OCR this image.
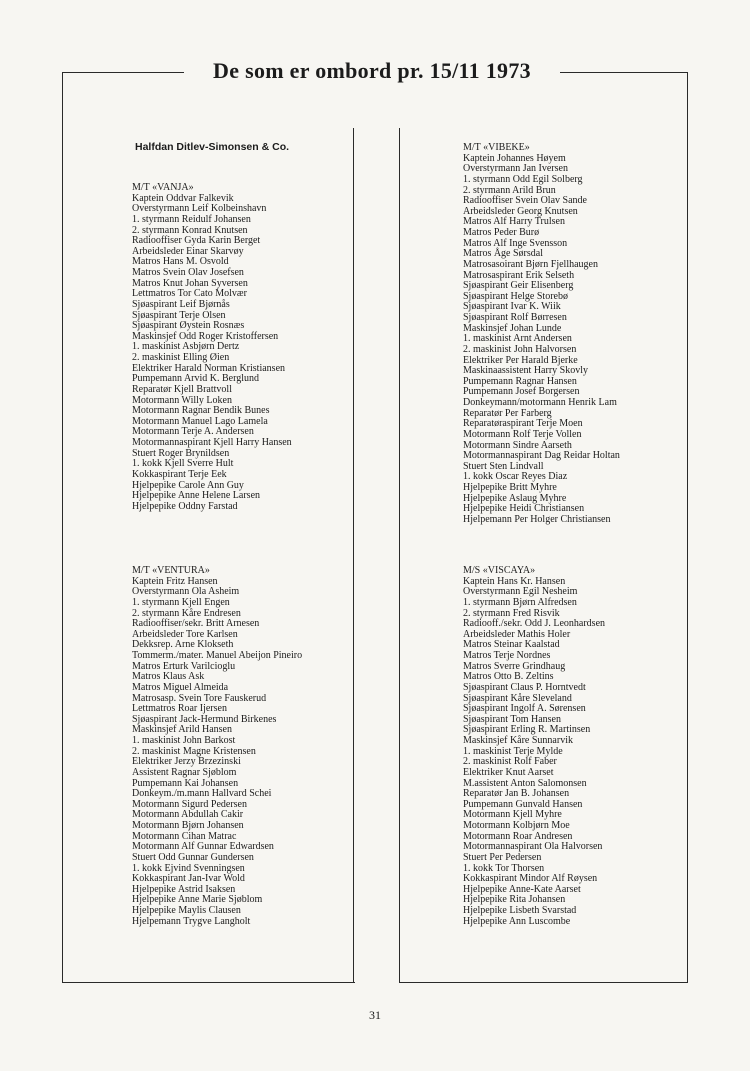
De som er ombord pr. 15/11 1973
Halfdan Ditlev-Simonsen & Co.
M/T «VANJA»
Kaptein Oddvar Falkevik
Overstyrmann Leif Kolbeinshavn
1. styrmann Reidulf Johansen
2. styrmann Konrad Knutsen
Radiooffiser Gyda Karin Berget
Arbeidsleder Einar Skarvøy
Matros Hans M. Osvold
Matros Svein Olav Josefsen
Matros Knut Johan Syversen
Lettmatros Tor Cato Molvær
Sjøaspirant Leif Bjørnås
Sjøaspirant Terje Olsen
Sjøaspirant Øystein Rosnæs
Maskinsjef Odd Roger Kristoffersen
1. maskinist Asbjørn Dertz
2. maskinist Elling Øien
Elektriker Harald Norman Kristiansen
Pumpemann Arvid K. Berglund
Reparatør Kjell Brattvoll
Motormann Willy Loken
Motormann Ragnar Bendik Bunes
Motormann Manuel Lago Lamela
Motormann Terje A. Andersen
Motormannaspirant Kjell Harry Hansen
Stuert Roger Brynildsen
1. kokk Kjell Sverre Hult
Kokkaspirant Terje Eek
Hjelpepike Carole Ann Guy
Hjelpepike Anne Helene Larsen
Hjelpepike Oddny Farstad
M/T «VENTURA»
Kaptein Fritz Hansen
Overstyrmann Ola Asheim
1. styrmann Kjell Engen
2. styrmann Kåre Endresen
Radiooffiser/sekr. Britt Arnesen
Arbeidsleder Tore Karlsen
Dekksrep. Arne Klokseth
Tommerm./mater. Manuel Abeijon Pineiro
Matros Erturk Varilcioglu
Matros Klaus Ask
Matros Miguel Almeida
Matrosasp. Svein Tore Fauskerud
Lettmatros Roar Ijersen
Sjøaspirant Jack-Hermund Birkenes
Maskinsjef Arild Hansen
1. maskinist John Barkost
2. maskinist Magne Kristensen
Elektriker Jerzy Brzezinski
Assistent Ragnar Sjøblom
Pumpemann Kai Johansen
Donkeym./m.mann Hallvard Schei
Motormann Sigurd Pedersen
Motormann Abdullah Cakir
Motormann Bjørn Johansen
Motormann Cihan Matrac
Motormann Alf Gunnar Edwardsen
Stuert Odd Gunnar Gundersen
1. kokk Ejvind Svenningsen
Kokkaspirant Jan-Ivar Wold
Hjelpepike Astrid Isaksen
Hjelpepike Anne Marie Sjøblom
Hjelpepike Maylis Clausen
Hjelpemann Trygve Langholt
M/T «VIBEKE»
Kaptein Johannes Høyem
Overstyrmann Jan Iversen
1. styrmann Odd Egil Solberg
2. styrmann Arild Brun
Radiooffiser Svein Olav Sande
Arbeidsleder Georg Knutsen
Matros Alf Harry Trulsen
Matros Peder Burø
Matros Alf Inge Svensson
Matros Åge Sørsdal
Matrosasoirant Bjørn Fjellhaugen
Matrosaspirant Erik Selseth
Sjøaspirant Geir Elisenberg
Sjøaspirant Helge Storebø
Sjøaspirant Ivar K. Wiik
Sjøaspirant Rolf Børresen
Maskinsjef Johan Lunde
1. maskinist Arnt Andersen
2. maskinist John Halvorsen
Elektriker Per Harald Bjerke
Maskinaassistent Harry Skovly
Pumpemann Ragnar Hansen
Pumpemann Josef Borgersen
Donkeymann/motormann Henrik Lam
Reparatør Per Farberg
Reparatøraspirant Terje Moen
Motormann Rolf Terje Vollen
Motormann Sindre Aarseth
Motormannaspirant Dag Reidar Holtan
Stuert Sten Lindvall
1. kokk Oscar Reyes Diaz
Hjelpepike Britt Myhre
Hjelpepike Aslaug Myhre
Hjelpepike Heidi Christiansen
Hjelpemann Per Holger Christiansen
M/S «VISCAYA»
Kaptein Hans Kr. Hansen
Overstyrmann Egil Nesheim
1. styrmann Bjørn Alfredsen
2. styrmann Fred Risvik
Radiooff./sekr. Odd J. Leonhardsen
Arbeidsleder Mathis Holer
Matros Steinar Kaalstad
Matros Terje Nordnes
Matros Sverre Grindhaug
Matros Otto B. Zeltins
Sjøaspirant Claus P. Horntvedt
Sjøaspirant Kåre Sleveland
Sjøaspirant Ingolf A. Sørensen
Sjøaspirant Tom Hansen
Sjøaspirant Erling R. Martinsen
Maskinsjef Kåre Sunnarvik
1. maskinist Terje Mylde
2. maskinist Rolf Faber
Elektriker Knut Aarset
M.assistent Anton Salomonsen
Reparatør Jan B. Johansen
Pumpemann Gunvald Hansen
Motormann Kjell Myhre
Motormann Kolbjørn Moe
Motormann Roar Andresen
Motormannaspirant Ola Halvorsen
Stuert Per Pedersen
1. kokk Tor Thorsen
Kokkaspirant Mindor Alf Røysen
Hjelpepike Anne-Kate Aarset
Hjelpepike Rita Johansen
Hjelpepike Lisbeth Svarstad
Hjelpepike Ann Luscombe
31
